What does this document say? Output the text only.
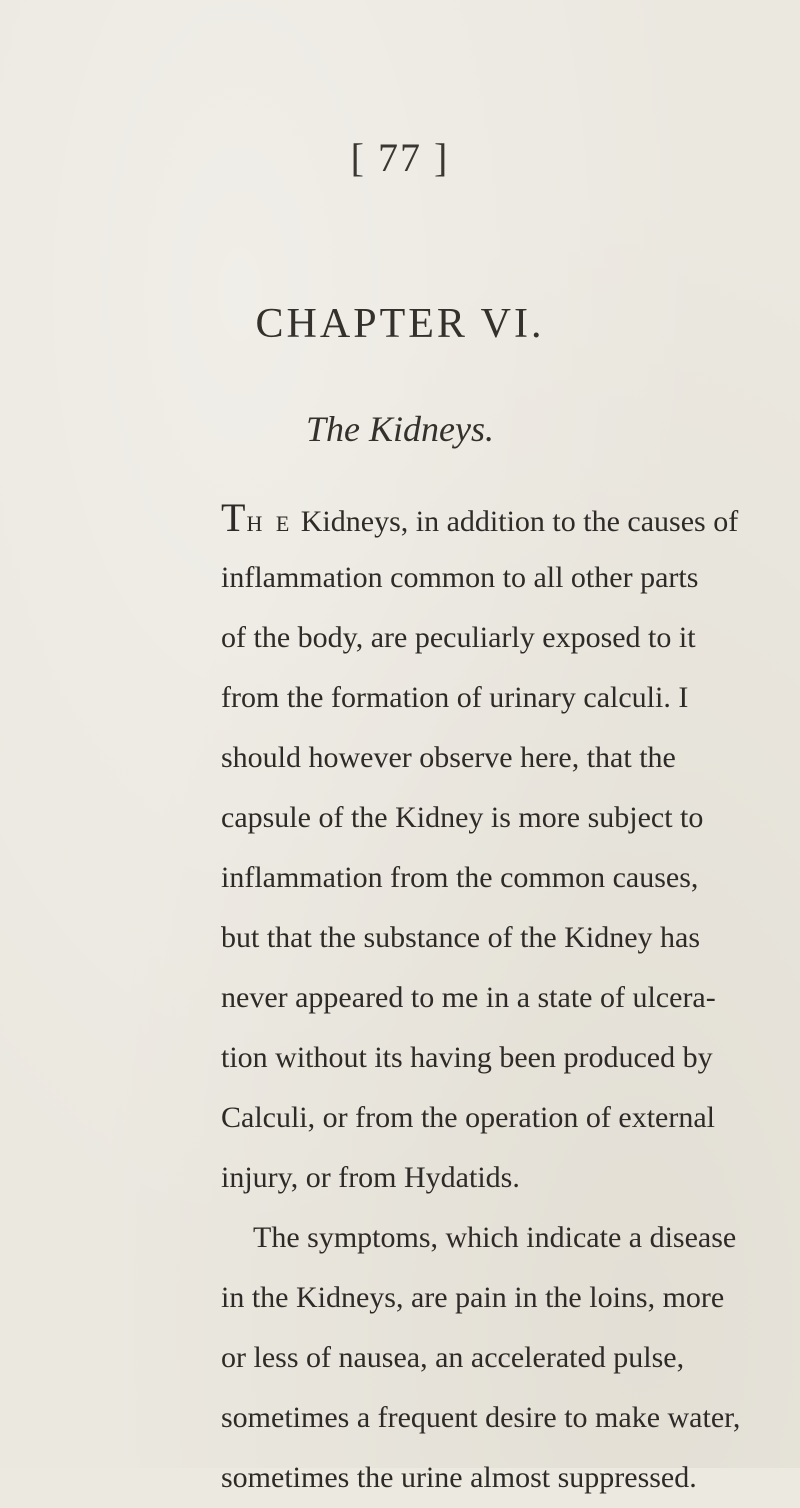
[ 77 ]
CHAPTER VI.
The Kidneys.
TH E Kidneys, in addition to the causes of
inflammation common to all other parts
of the body, are peculiarly exposed to it
from the formation of urinary calculi. I
should however observe here, that the
capsule of the Kidney is more subject to
inflammation from the common causes,
but that the substance of the Kidney has
never appeared to me in a state of ulcera-
tion without its having been produced by
Calculi, or from the operation of external
injury, or from Hydatids.
The symptoms, which indicate a disease
in the Kidneys, are pain in the loins, more
or less of nausea, an accelerated pulse,
sometimes a frequent desire to make water,
sometimes the urine almost suppressed.
